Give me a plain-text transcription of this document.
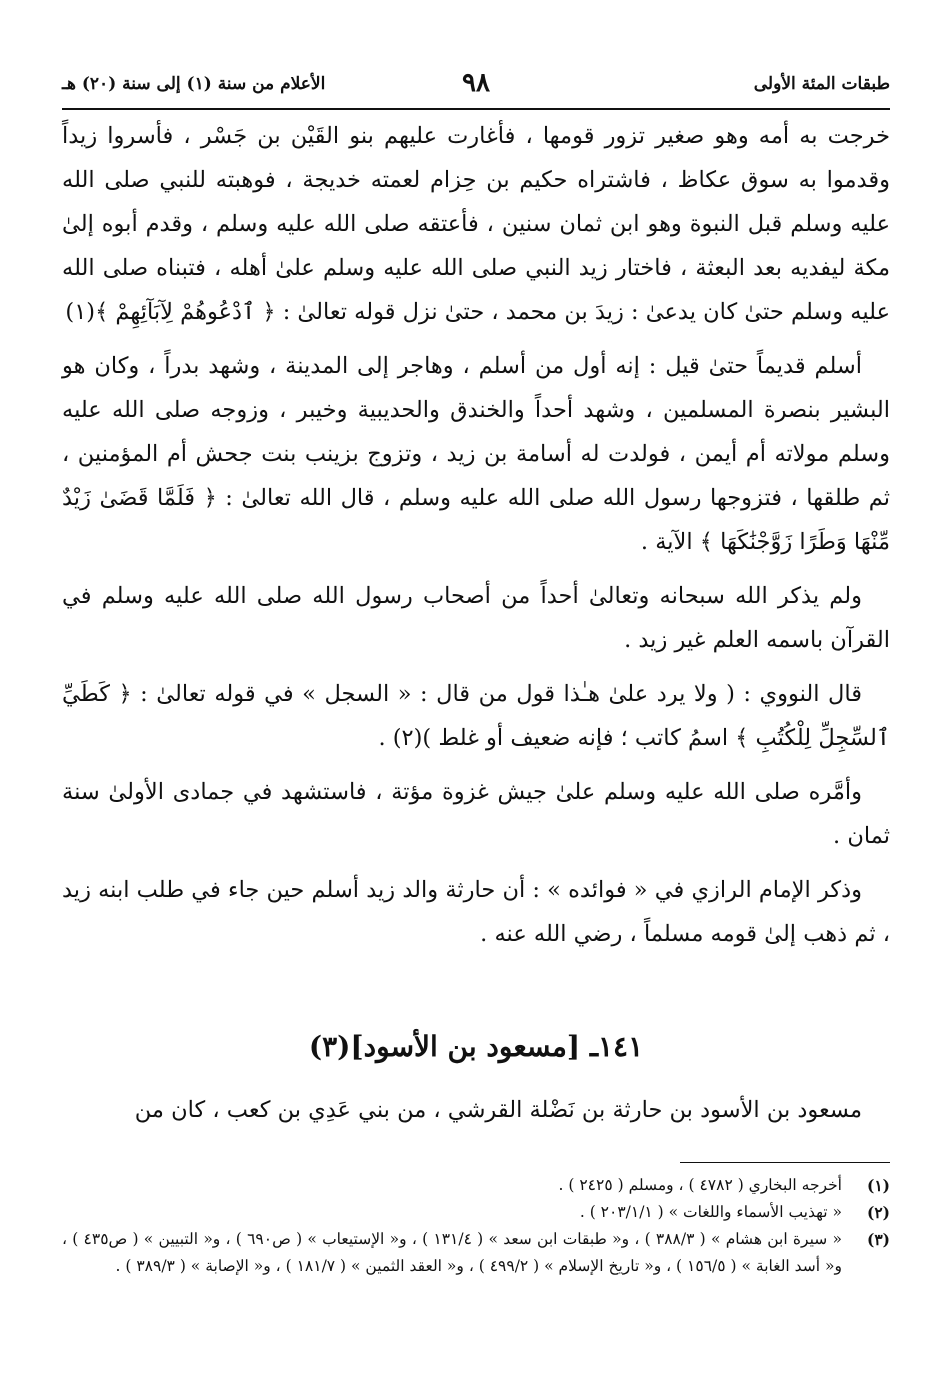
طبقات المئة الأولى
٩٨
الأعلام من سنة (١) إلى سنة (٢٠) هـ

خرجت به أمه وهو صغير تزور قومها ، فأغارت عليهم بنو القَيْن بن جَسْر ، فأسروا زيداً وقدموا به سوق عكاظ ، فاشتراه حكيم بن حِزام لعمته خديجة ، فوهبته للنبي صلى الله عليه وسلم قبل النبوة وهو ابن ثمان سنين ، فأعتقه صلى الله عليه وسلم ، وقدم أبوه إلىٰ مكة ليفديه بعد البعثة ، فاختار زيد النبي صلى الله عليه وسلم علىٰ أهله ، فتبناه صلى الله عليه وسلم حتىٰ كان يدعىٰ : زيدَ بن محمد ، حتىٰ نزل قوله تعالىٰ : ﴿ ٱدْعُوهُمْ لِآبَآئِهِمْ ﴾(١)

أسلم قديماً حتىٰ قيل : إنه أول من أسلم ، وهاجر إلى المدينة ، وشهد بدراً ، وكان هو البشير بنصرة المسلمين ، وشهد أحداً والخندق والحديبية وخيبر ، وزوجه صلى الله عليه وسلم مولاته أم أيمن ، فولدت له أسامة بن زيد ، وتزوج بزينب بنت جحش أم المؤمنين ، ثم طلقها ، فتزوجها رسول الله صلى الله عليه وسلم ، قال الله تعالىٰ : ﴿ فَلَمَّا قَضَىٰ زَيْدٌ مِّنْهَا وَطَرًا زَوَّجْنَٰكَهَا ﴾ الآية .

ولم يذكر الله سبحانه وتعالىٰ أحداً من أصحاب رسول الله صلى الله عليه وسلم في القرآن باسمه العلم غير زيد .

قال النووي : ( ولا يرد علىٰ هـٰذا قول من قال : « السجل » في قوله تعالىٰ : ﴿ كَطَيِّ ٱلسِّجِلِّ لِلْكُتُبِ ﴾ اسمُ كاتب ؛ فإنه ضعيف أو غلط )(٢) .

وأمَّره صلى الله عليه وسلم علىٰ جيش غزوة مؤتة ، فاستشهد في جمادى الأولىٰ سنة ثمان .

وذكر الإمام الرازي في « فوائده » : أن حارثة والد زيد أسلم حين جاء في طلب ابنه زيد ، ثم ذهب إلىٰ قومه مسلماً ، رضي الله عنه .

١٤١ـ [مسعود بن الأسود](٣)
مسعود بن الأسود بن حارثة بن نَضْلة القرشي ، من بني عَدِي بن كعب ، كان من
(١)
أخرجه البخاري ( ٤٧٨٢ ) ، ومسلم ( ٢٤٢٥ ) .
(٢)
« تهذيب الأسماء واللغات » ( ٢٠٣/١/١ ) .
(٣)
« سيرة ابن هشام » ( ٣٨٨/٣ ) ، و« طبقات ابن سعد » ( ١٣١/٤ ) ، و« الإستيعاب » ( ص٦٩٠ ) ، و« التبيين » ( ص٤٣٥ ) ، و« أسد الغابة » ( ١٥٦/٥ ) ، و« تاريخ الإسلام » ( ٤٩٩/٢ ) ، و« العقد الثمين » ( ١٨١/٧ ) ، و« الإصابة » ( ٣٨٩/٣ ) .
